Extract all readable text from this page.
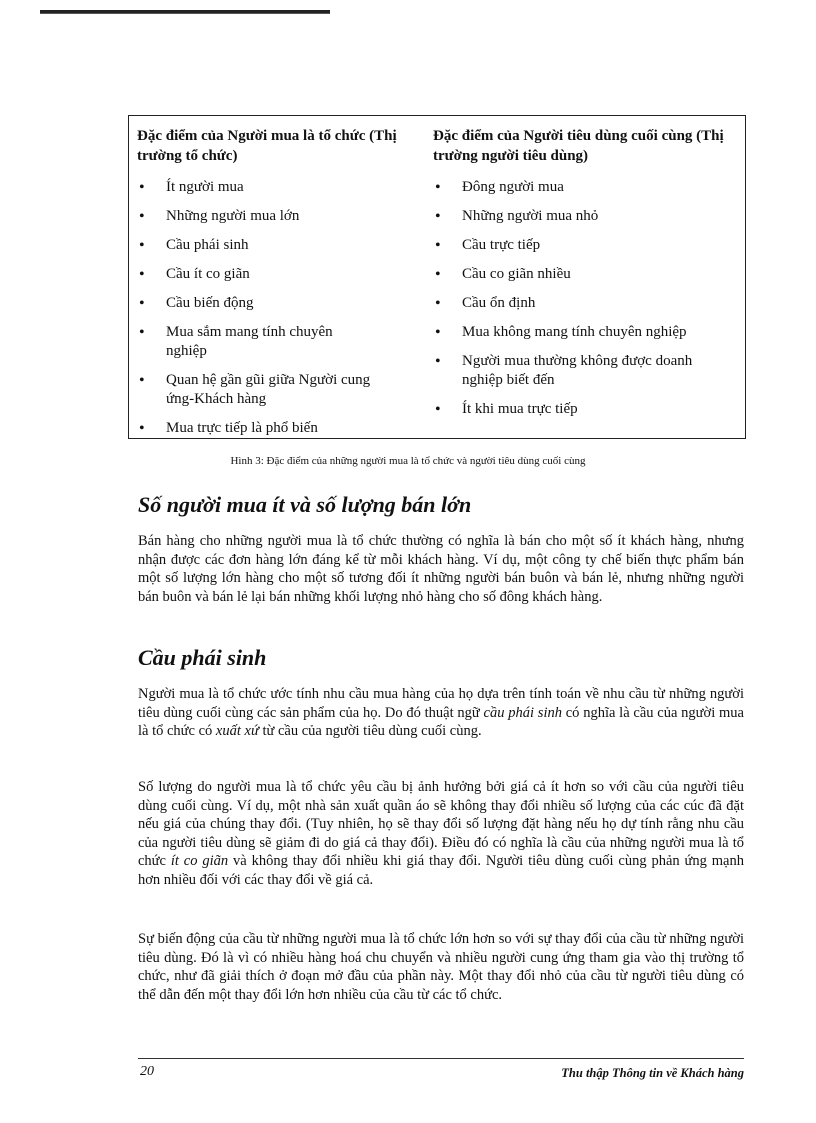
Đặc điểm của Người mua là tổ chức (Thị trường tổ chức)
• Ít người mua
• Những người mua lớn
• Cầu phái sinh
• Cầu ít co giãn
• Cầu biến động
• Mua sắm mang tính chuyên nghiệp
• Quan hệ gần gũi giữa Người cung ứng-Khách hàng
• Mua trực tiếp là phổ biến
Đặc điểm của Người tiêu dùng cuối cùng (Thị trường người tiêu dùng)
• Đông người mua
• Những người mua nhỏ
• Cầu trực tiếp
• Cầu co giãn nhiều
• Cầu ổn định
• Mua không mang tính chuyên nghiệp
• Người mua thường không được doanh nghiệp biết đến
• Ít khi mua trực tiếp
Hình 3: Đặc điểm của những người mua là tổ chức và người tiêu dùng cuối cùng
Số người mua ít và số lượng bán lớn

Bán hàng cho những người mua là tổ chức thường có nghĩa là bán cho một số ít khách hàng, nhưng nhận được các đơn hàng lớn đáng kể từ mỗi khách hàng. Ví dụ, một công ty chế biến thực phẩm bán một số lượng lớn hàng cho một số tương đối ít những người bán buôn và bán lẻ, nhưng những người bán buôn và bán lẻ lại bán những khối lượng nhỏ hàng cho số đông khách hàng.

Cầu phái sinh

Người mua là tổ chức ước tính nhu cầu mua hàng của họ dựa trên tính toán về nhu cầu từ những người tiêu dùng cuối cùng các sản phẩm của họ. Do đó thuật ngữ cầu phái sinh có nghĩa là cầu của người mua là tổ chức có xuất xứ từ cầu của người tiêu dùng cuối cùng.

Số lượng do người mua là tổ chức yêu cầu bị ảnh hưởng bởi giá cả ít hơn so với cầu của người tiêu dùng cuối cùng. Ví dụ, một nhà sản xuất quần áo sẽ không thay đổi nhiều số lượng của các cúc đã đặt nếu giá của chúng thay đổi. (Tuy nhiên, họ sẽ thay đổi số lượng đặt hàng nếu họ dự tính rằng nhu cầu của người tiêu dùng sẽ giảm đi do giá cả thay đổi). Điều đó có nghĩa là cầu của những người mua là tổ chức ít co giãn và không thay đổi nhiều khi giá thay đổi. Người tiêu dùng cuối cùng phản ứng mạnh hơn nhiều đối với các thay đổi về giá cả.

Sự biến động của cầu từ những người mua là tổ chức lớn hơn so với sự thay đổi của cầu từ những người tiêu dùng. Đó là vì có nhiều hàng hoá chu chuyển và nhiều người cung ứng tham gia vào thị trường tổ chức, như đã giải thích ở đoạn mở đầu của phần này. Một thay đổi nhỏ của cầu từ người tiêu dùng có thể dẫn đến một thay đổi lớn hơn nhiều của cầu từ các tổ chức.

20	Thu thập Thông tin về Khách hàng
